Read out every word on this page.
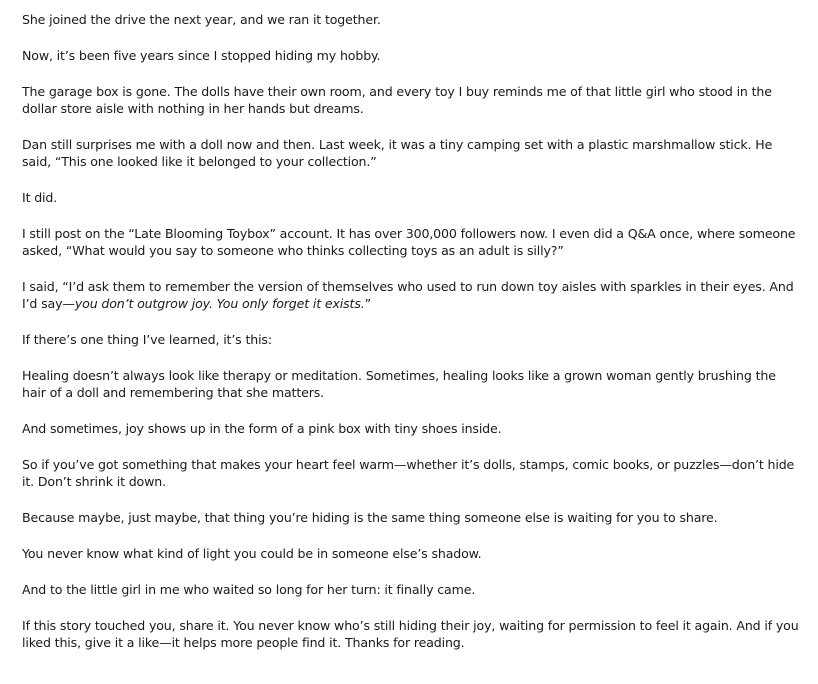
She joined the drive the next year, and we ran it together.

Now, it’s been five years since I stopped hiding my hobby.

The garage box is gone. The dolls have their own room, and every toy I buy reminds me of that little girl who stood in the dollar store aisle with nothing in her hands but dreams.

Dan still surprises me with a doll now and then. Last week, it was a tiny camping set with a plastic marshmallow stick. He said, “This one looked like it belonged to your collection.”

It did.

I still post on the “Late Blooming Toybox” account. It has over 300,000 followers now. I even did a Q&A once, where someone asked, “What would you say to someone who thinks collecting toys as an adult is silly?”

I said, “I’d ask them to remember the version of themselves who used to run down toy aisles with sparkles in their eyes. And I’d say—you don’t outgrow joy. You only forget it exists.”

If there’s one thing I’ve learned, it’s this:

Healing doesn’t always look like therapy or meditation. Sometimes, healing looks like a grown woman gently brushing the hair of a doll and remembering that she matters.

And sometimes, joy shows up in the form of a pink box with tiny shoes inside.

So if you’ve got something that makes your heart feel warm—whether it’s dolls, stamps, comic books, or puzzles—don’t hide it. Don’t shrink it down.

Because maybe, just maybe, that thing you’re hiding is the same thing someone else is waiting for you to share.

You never know what kind of light you could be in someone else’s shadow.

And to the little girl in me who waited so long for her turn: it finally came.

If this story touched you, share it. You never know who’s still hiding their joy, waiting for permission to feel it again. And if you liked this, give it a like—it helps more people find it. Thanks for reading.
